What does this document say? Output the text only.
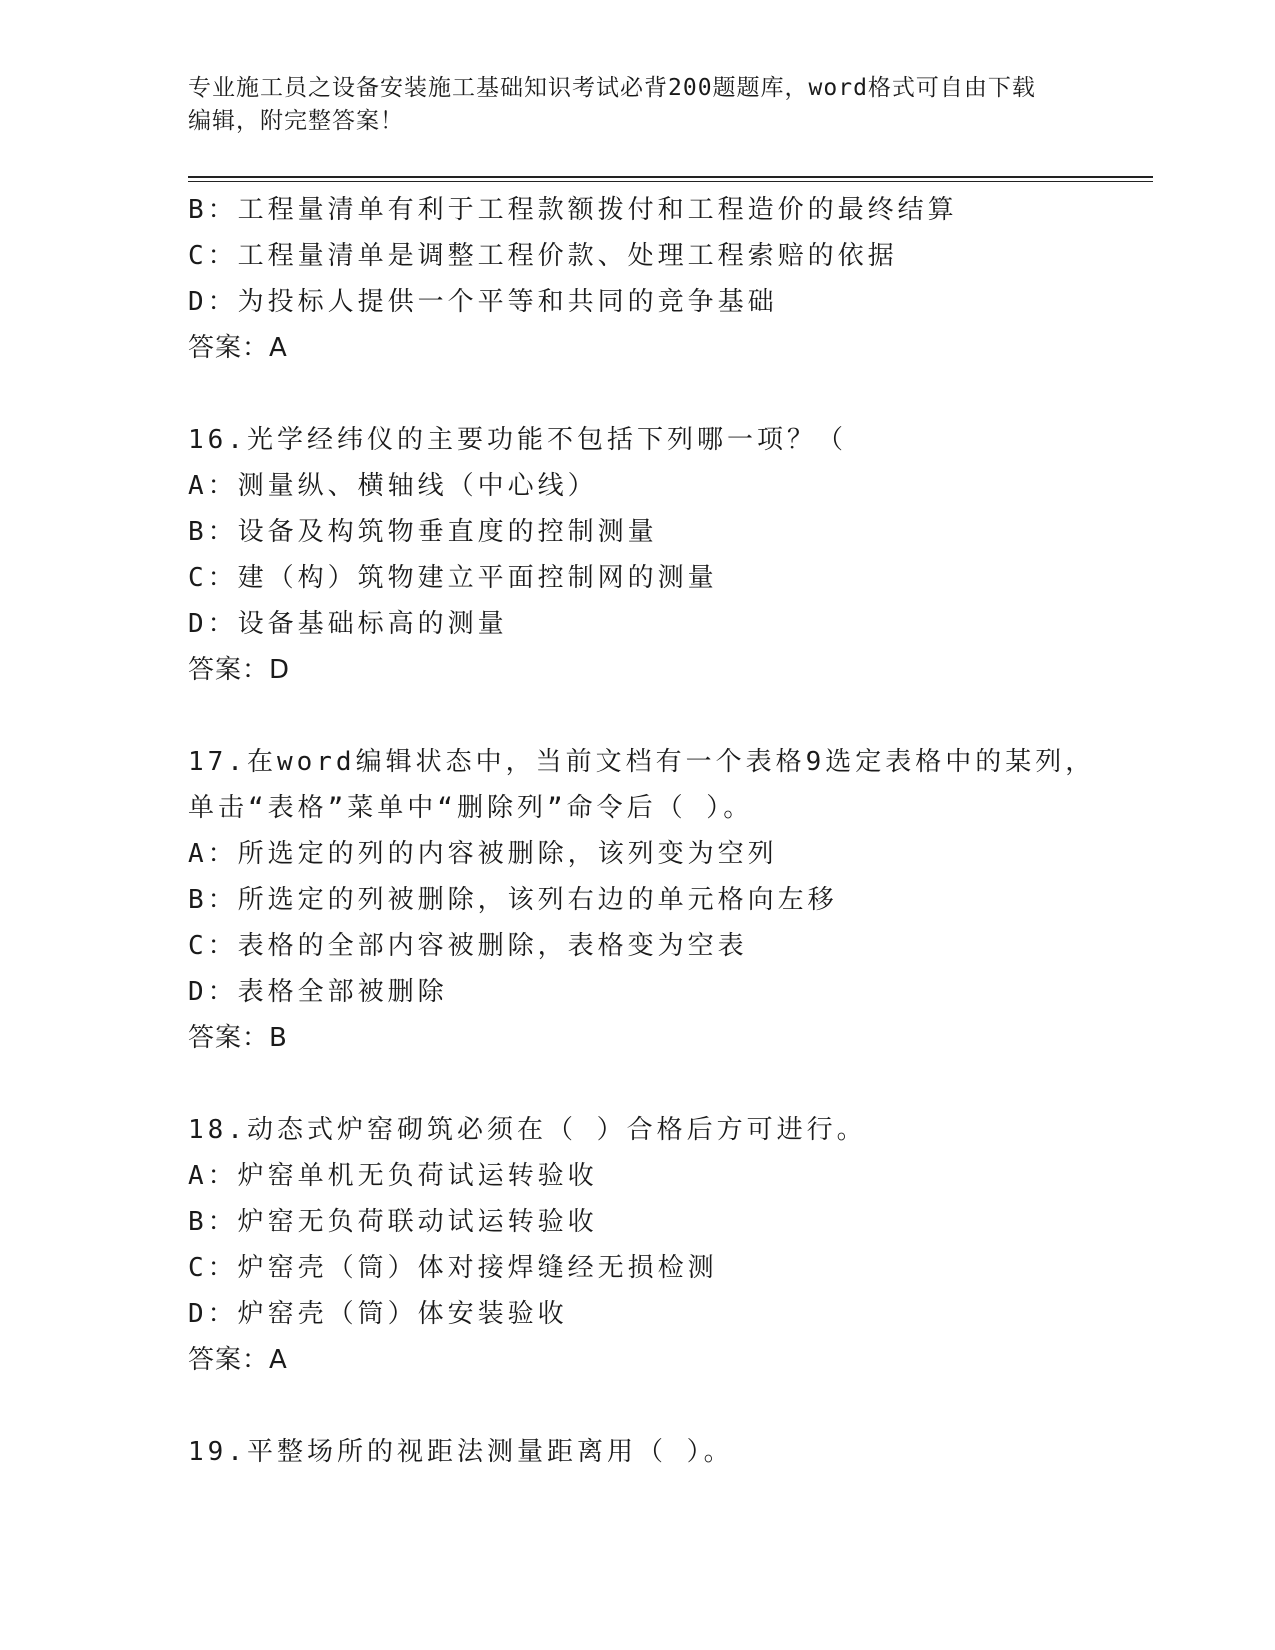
专业施工员之设备安装施工基础知识考试必背200题题库，word格式可自由下载
编辑，附完整答案！
B：工程量清单有利于工程款额拨付和工程造价的最终结算
C：工程量清单是调整工程价款、处理工程索赔的依据
D：为投标人提供一个平等和共同的竞争基础
答案：A
16.光学经纬仪的主要功能不包括下列哪一项？（
A：测量纵、横轴线（中心线）
B：设备及构筑物垂直度的控制测量
C：建（构）筑物建立平面控制网的测量
D：设备基础标高的测量
答案：D
17.在word编辑状态中，当前文档有一个表格9选定表格中的某列，
单击“表格”菜单中“删除列”命令后（ ）。
A：所选定的列的内容被删除，该列变为空列
B：所选定的列被删除，该列右边的单元格向左移
C：表格的全部内容被删除，表格变为空表
D：表格全部被删除
答案：B
18.动态式炉窑砌筑必须在（ ）合格后方可进行。
A：炉窑单机无负荷试运转验收
B：炉窑无负荷联动试运转验收
C：炉窑壳（筒）体对接焊缝经无损检测
D：炉窑壳（筒）体安装验收
答案：A
19.平整场所的视距法测量距离用（ ）。
